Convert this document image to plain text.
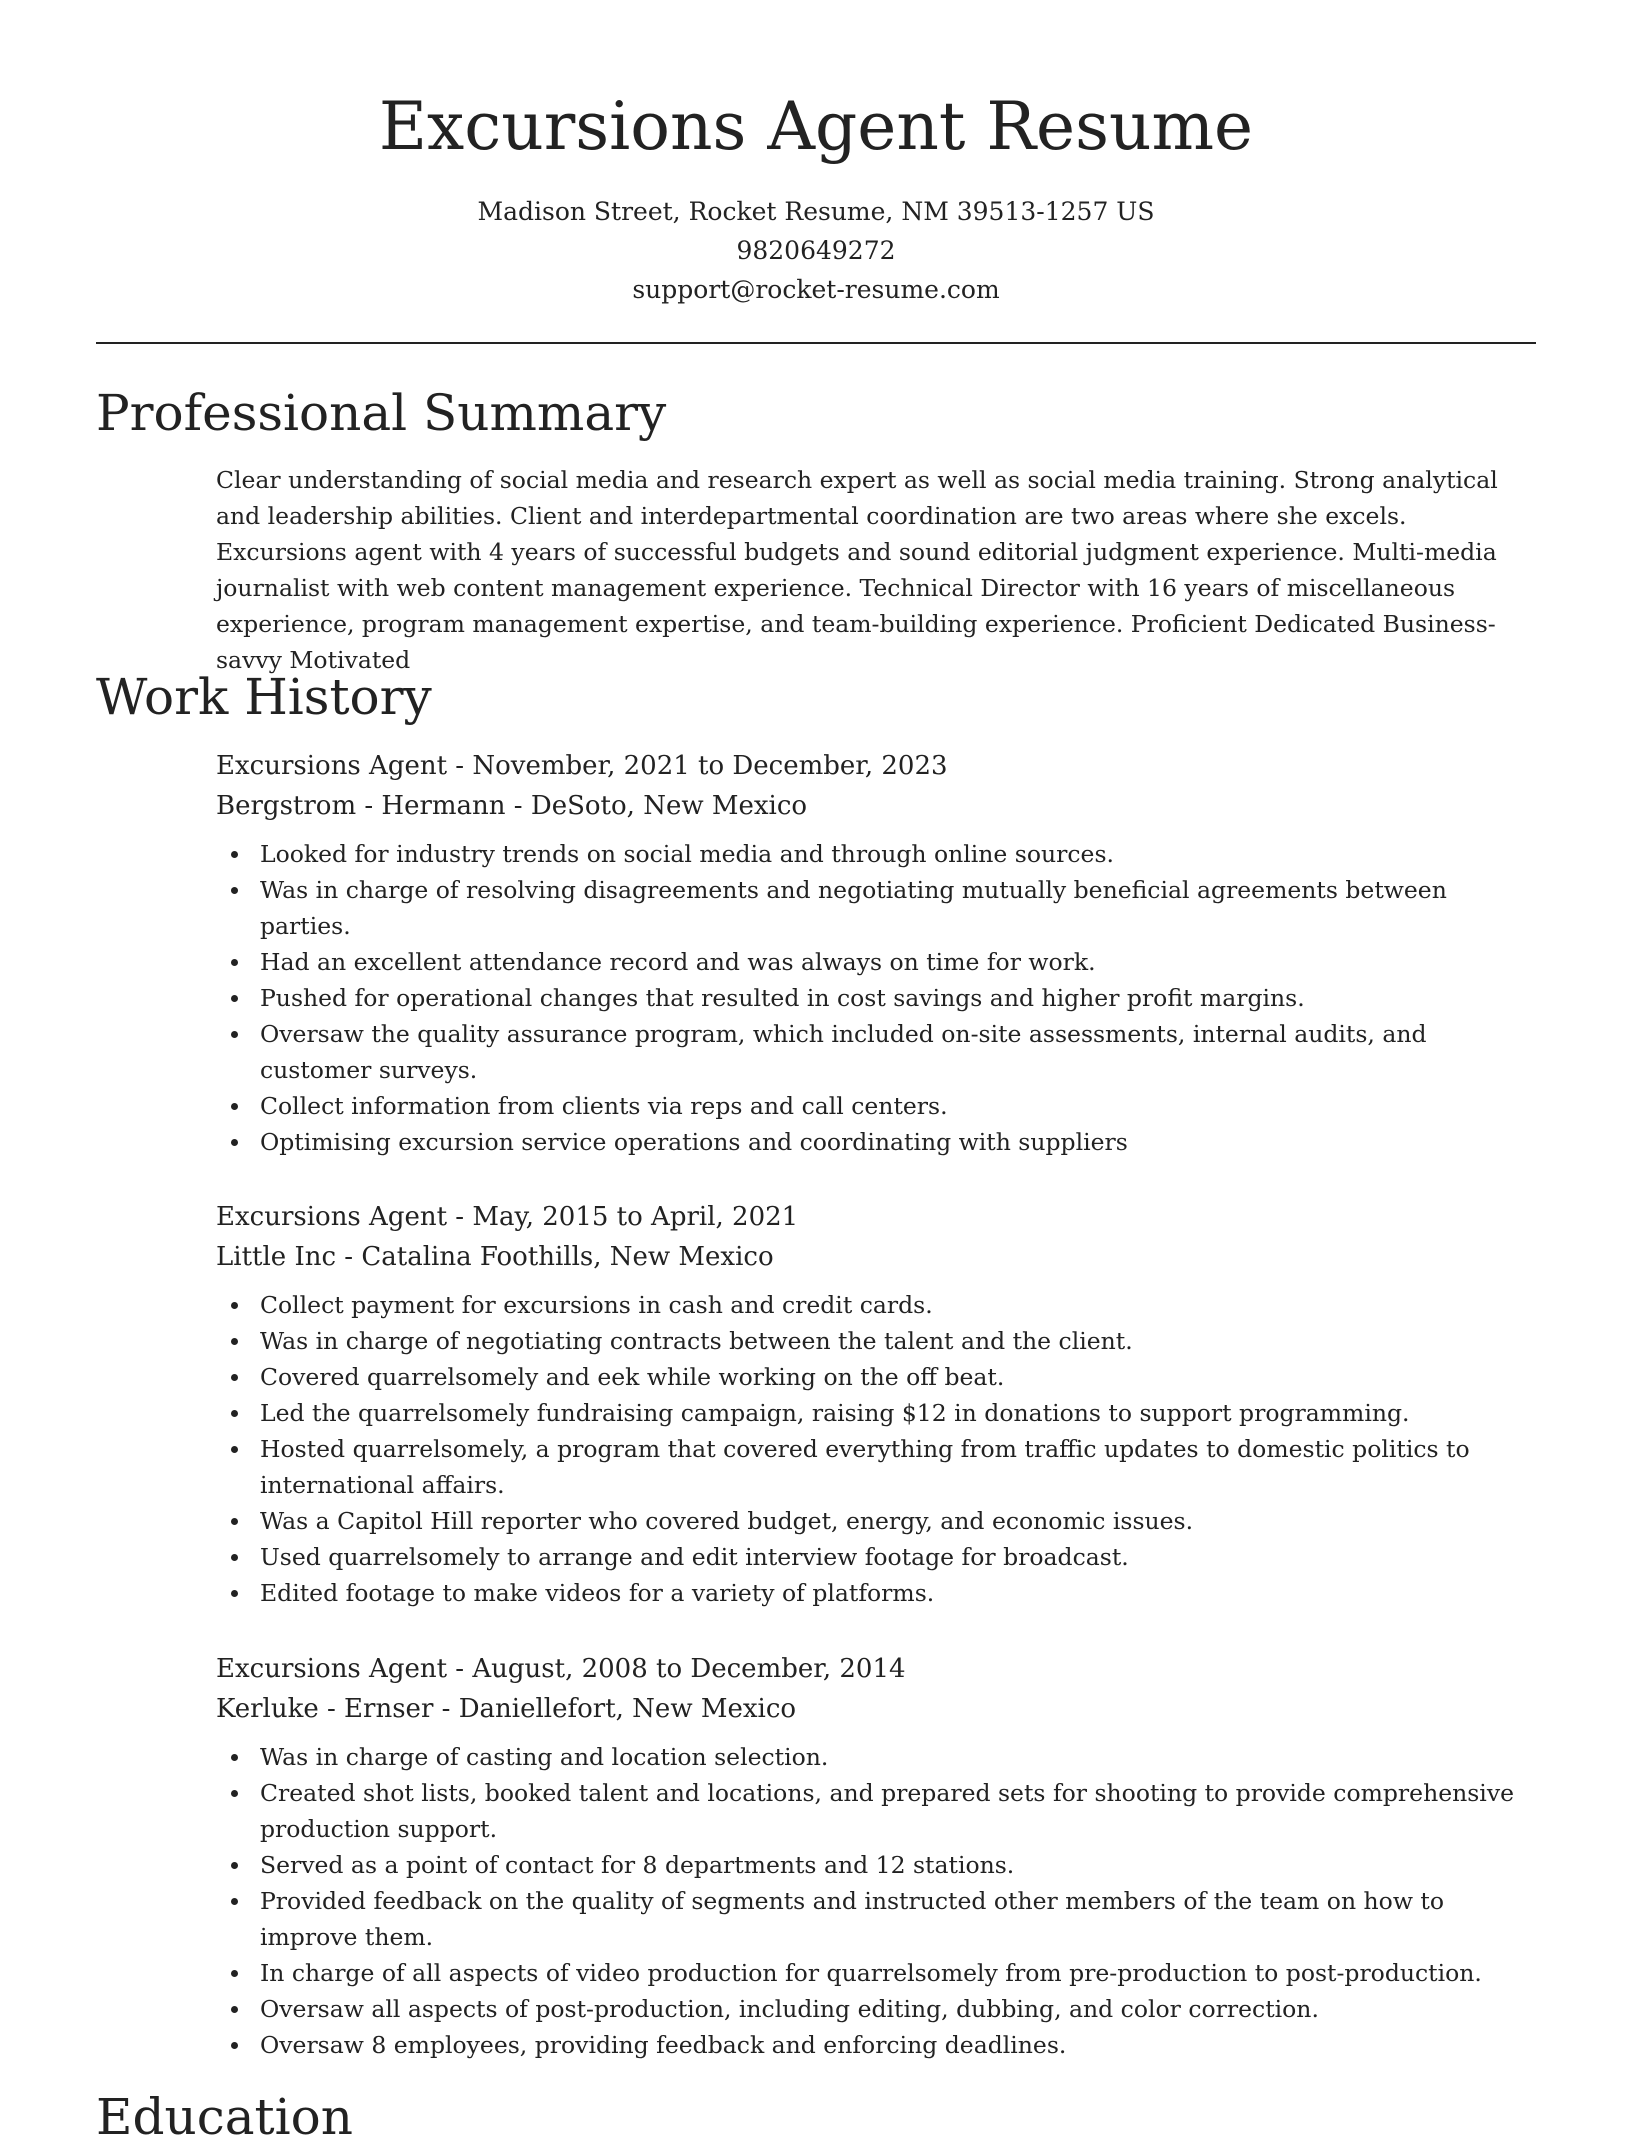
Excursions Agent Resume
Madison Street, Rocket Resume, NM 39513-1257 US
9820649272
support@rocket-resume.com
Professional Summary

Clear understanding of social media and research expert as well as social media training. Strong analytical and leadership abilities. Client and interdepartmental coordination are two areas where she excels. Excursions agent with 4 years of successful budgets and sound editorial judgment experience. Multi-media journalist with web content management experience. Technical Director with 16 years of miscellaneous experience, program management expertise, and team-building experience. Proficient Dedicated Business-savvy Motivated

Work History
Excursions Agent - November, 2021 to December, 2023
Bergstrom - Hermann - DeSoto, New Mexico
Looked for industry trends on social media and through online sources.
Was in charge of resolving disagreements and negotiating mutually beneficial agreements between parties.
Had an excellent attendance record and was always on time for work.
Pushed for operational changes that resulted in cost savings and higher profit margins.
Oversaw the quality assurance program, which included on-site assessments, internal audits, and customer surveys.
Collect information from clients via reps and call centers.
Optimising excursion service operations and coordinating with suppliers
Excursions Agent - May, 2015 to April, 2021
Little Inc - Catalina Foothills, New Mexico
Collect payment for excursions in cash and credit cards.
Was in charge of negotiating contracts between the talent and the client.
Covered quarrelsomely and eek while working on the off beat.
Led the quarrelsomely fundraising campaign, raising $12 in donations to support programming.
Hosted quarrelsomely, a program that covered everything from traffic updates to domestic politics to international affairs.
Was a Capitol Hill reporter who covered budget, energy, and economic issues.
Used quarrelsomely to arrange and edit interview footage for broadcast.
Edited footage to make videos for a variety of platforms.
Excursions Agent - August, 2008 to December, 2014
Kerluke - Ernser - Daniellefort, New Mexico
Was in charge of casting and location selection.
Created shot lists, booked talent and locations, and prepared sets for shooting to provide comprehensive production support.
Served as a point of contact for 8 departments and 12 stations.
Provided feedback on the quality of segments and instructed other members of the team on how to improve them.
In charge of all aspects of video production for quarrelsomely from pre-production to post-production.
Oversaw all aspects of post-production, including editing, dubbing, and color correction.
Oversaw 8 employees, providing feedback and enforcing deadlines.
Education
